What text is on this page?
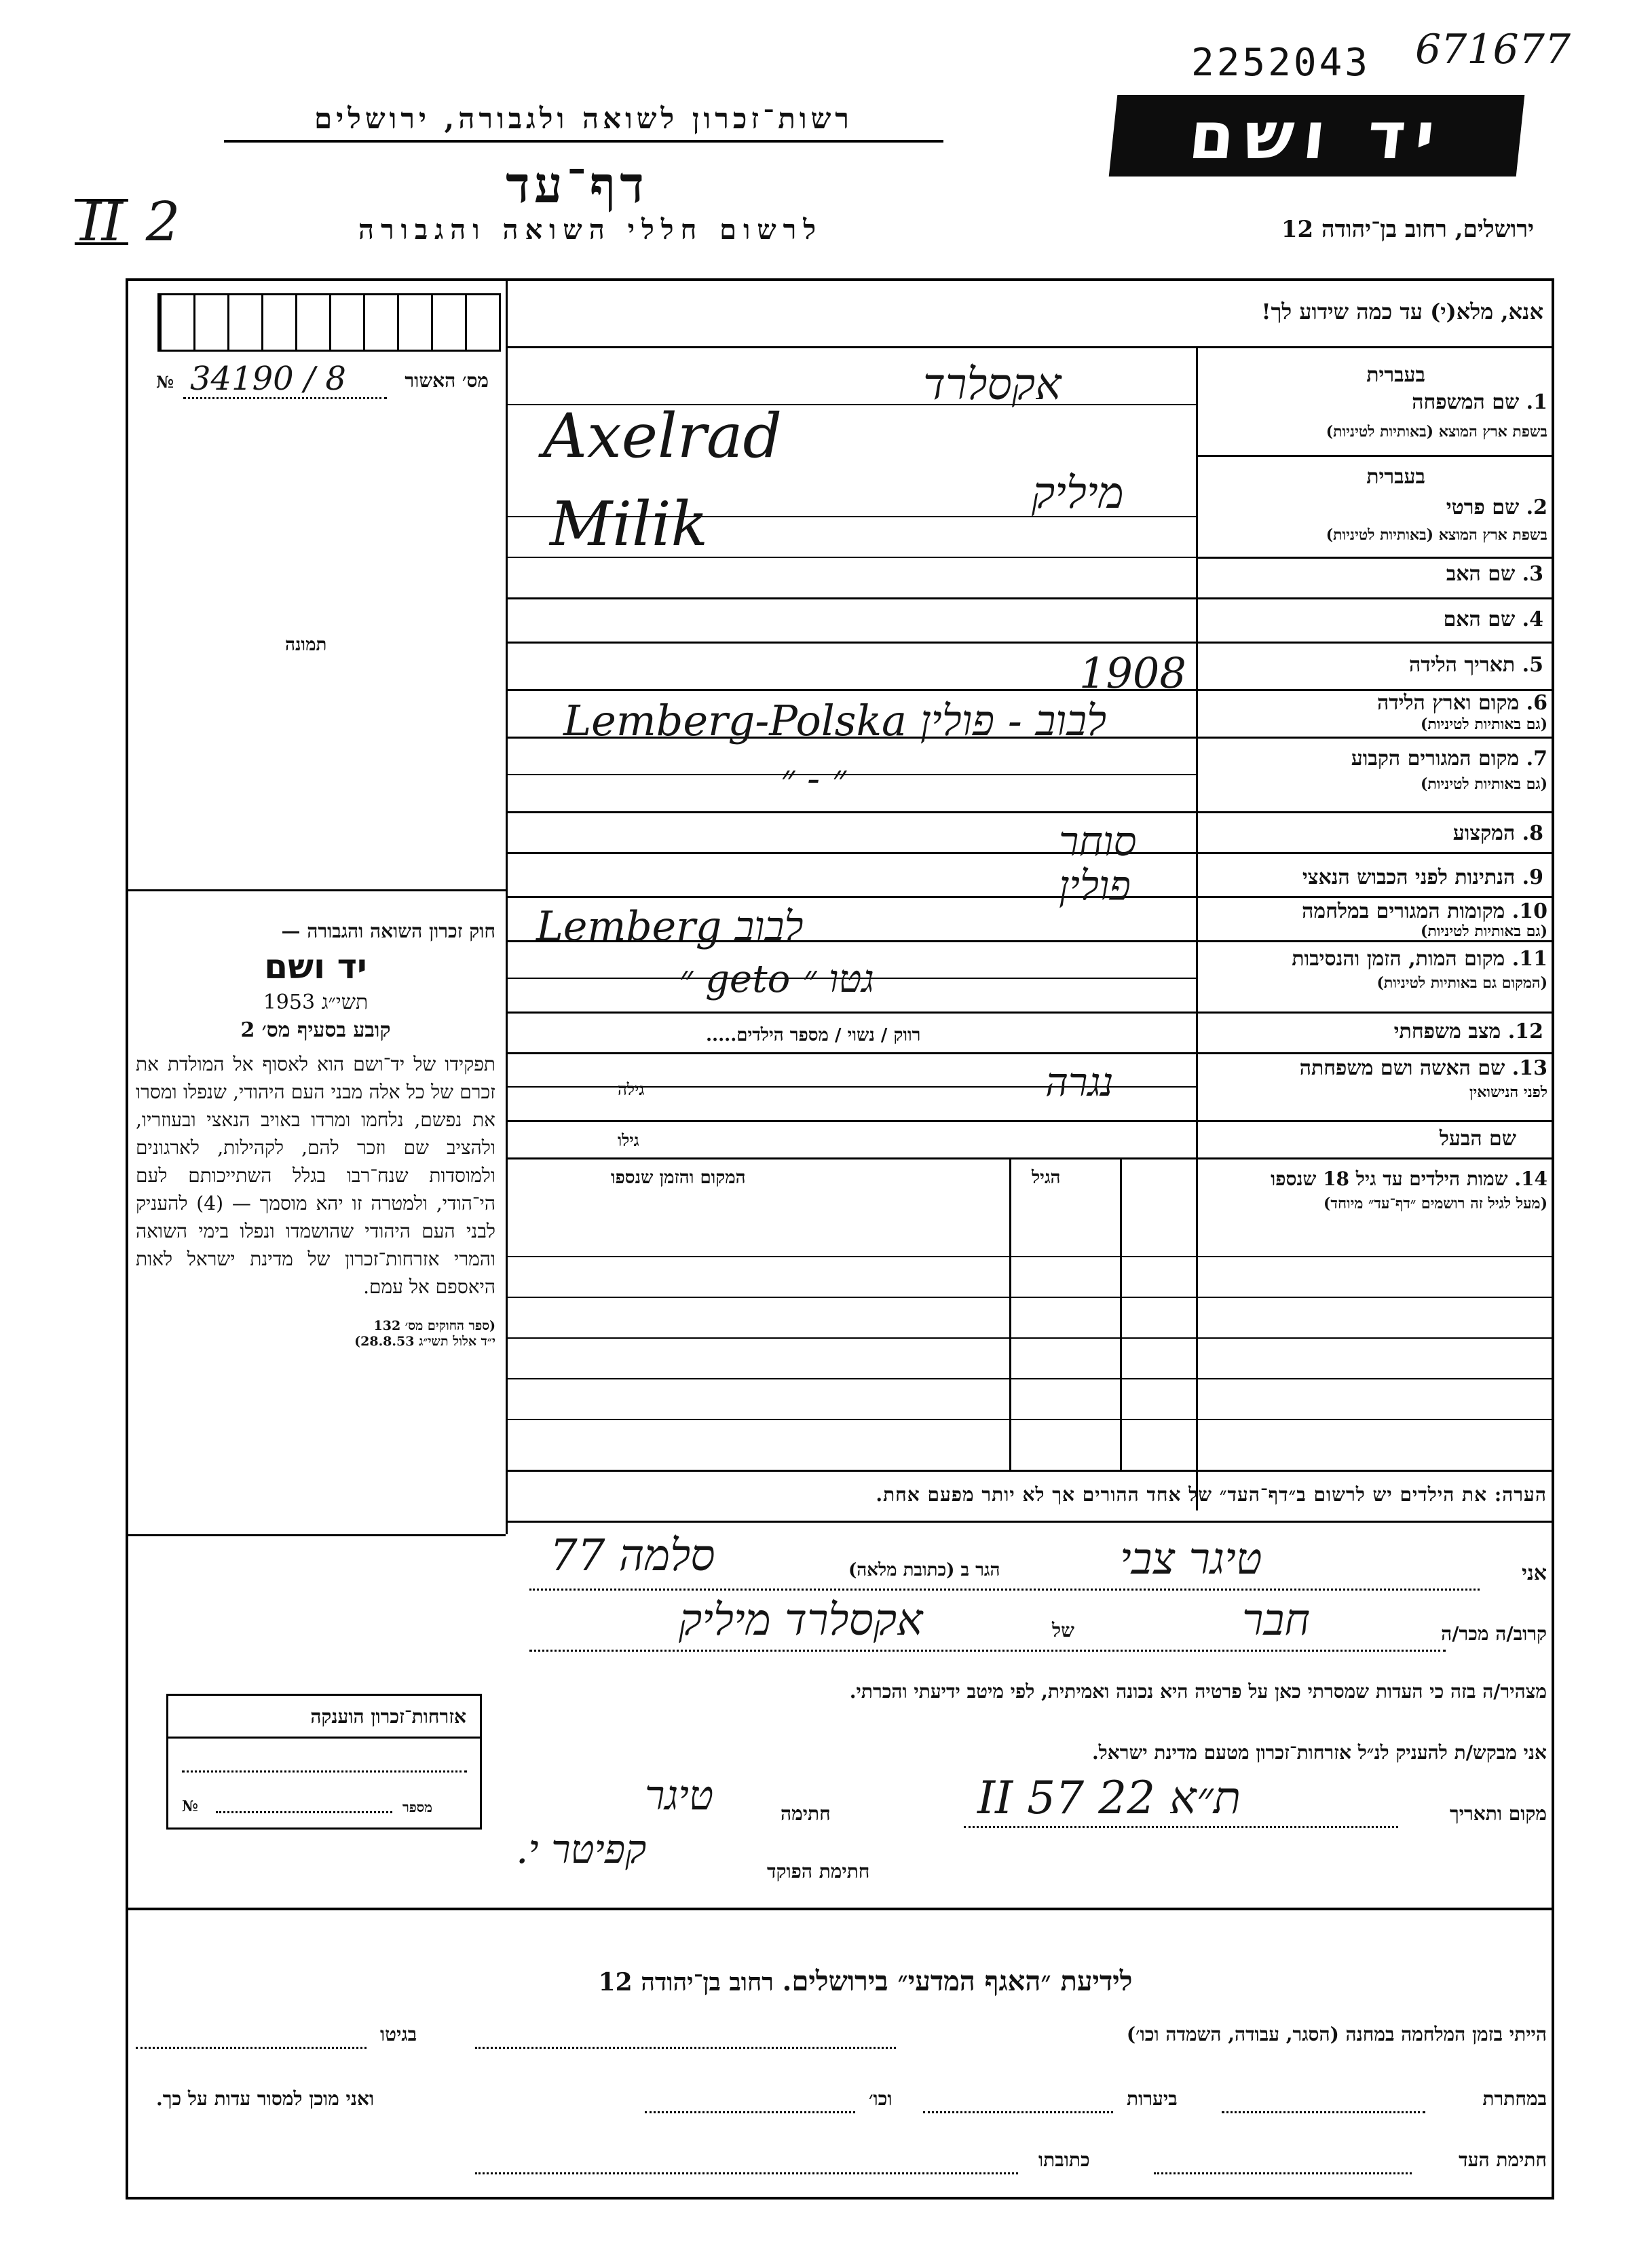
2252043 671677
רשות־זכרון לשואה ולגבורה, ירושלים
דף־עד
לרשום חללי השואה והגבורה
יד ושם
ירושלים, רחוב בן־יהודה 12
II 2
אנא, מלא(י) עד כמה שידוע לך!
№ 34190 / 8	מס׳ האשור
תמונה
בעברית
1. שם המשפחה
בשפת ארץ המוצא (באותיות לטיניות)
בעברית
2. שם פרטי
בשפת ארץ המוצא (באותיות לטיניות)
3. שם האב
4. שם האם
5. תאריך הלידה
6. מקום וארץ הלידה
(גם באותיות לטיניות)
7. מקום המגורים הקבוע
(גם באותיות לטיניות)
8. המקצוע
9. הנתינות לפני הכבוש הנאצי
10. מקומות המגורים במלחמה
(גם באותיות לטיניות)
11. מקום המות, הזמן והנסיבות
(המקום גם באותיות לטיניות)
12. מצב משפחתי
13. שם האשה ושם משפחתה
לפני הנישואין
שם הבעל
אקסלרד
Axelrad
מיליק
Milik
1908
Lemberg-Polska לבוב - פולין
״ - ״
סוחר
פולין
Lemberg לבוב
״ geto גטו ״
רווק / נשוי / מספר הילדים.....
נגרה
גילה
גילו
14. שמות הילדים עד גיל 18 שנספו
(מעל לגיל זה רושמים ״דף־עד״ מיוחד)
הגיל
המקום והזמן שנספו
הערה: את הילדים יש לרשום ב״דף־העד״ של אחד ההורים אך לא יותר מפעם אחת.
חוק זכרון השואה והגבורה —
יד ושם
תשי״ג 1953
קובע בסעיף מס׳ 2
תפקידו של יד־ושם הוא לאסוף אל המולדת את זכרם של כל אלה מבני העם היהודי, שנפלו ומסרו את נפשם, נלחמו ומרדו באויב הנאצי ובעוזריו, ולהציב שם וזכר להם, לקהילות, לארגונים ולמוסדות שנח־רבו בגלל השתייכותם לעם הי־הודי, ולמטרה זו יהא מוסמך — (4) להעניק לבני העם היהודי שהושמדו ונפלו בימי השואה והמרי אזרחות־זכרון של מדינת ישראל לאות היאספם אל עמם.
(ספר החוקים מס׳ 132
י״ד אלול תשי״ג 28.8.53)
אזרחות־זכרון הוענקה
№	מספר
אני
טיגר צבי
הגר ב (כתובת מלאה)
סלמה 77
קרוב/ה מכר/ה
חבר
של
אקסלרד מיליק
מצהיר/ה בזה כי העדות שמסרתי כאן על פרטיה היא נכונה ואמיתית, לפי מיטב ידיעתי והכרתי.
אני מבקש/ת להעניק לנ״ל אזרחות־זכרון מטעם מדינת ישראל.
מקום ותאריך
ת״א 22 II 57
חתימה
טיגר
חתימת הפוקד
קפיטר י.
לידיעת ״האגף המדעי״ בירושלים. רחוב בן־יהודה 12
הייתי בזמן המלחמה במחנה (הסגר, עבודה, השמדה וכו׳)
בגיטו
במחתרת
ביערות
וכו׳
ואני מוכן למסור עדות על כך.
חתימת העד
כתובתו
